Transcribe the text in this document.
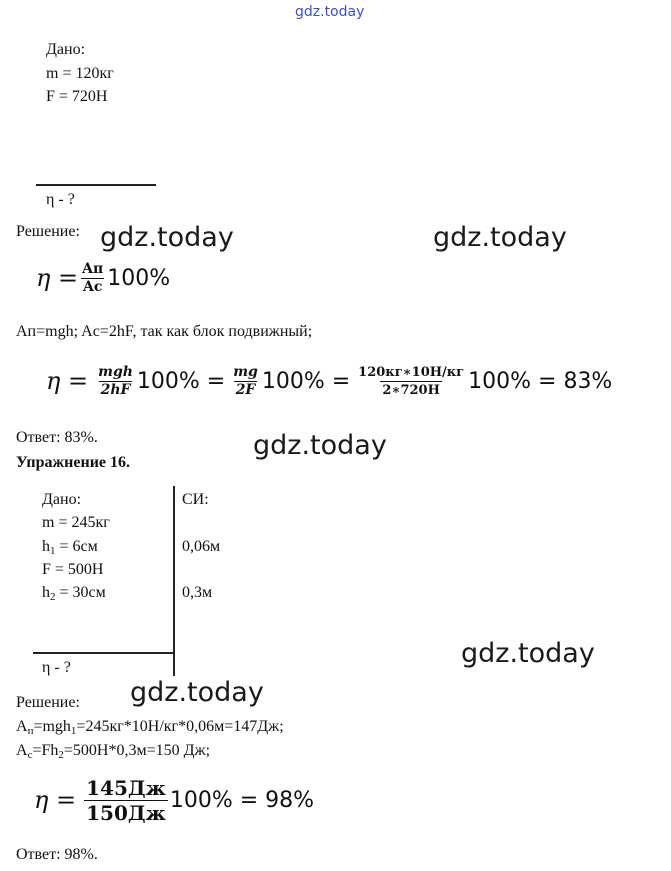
gdz.today
Дано:
m = 120кг
F = 720Н
η - ?
Решение: gdz.today	gdz.today
$\eta = \frac{Aп}{Aс} 100\%$
Aп=mgh; Aс=2hF, так как блок подвижный;
$\eta = \frac{\text{mgh}}{2hF} 100\% = \frac{mg}{2F} 100\% = \frac{120кг∗10Н/кг}{2∗720Н} 100\% = 83\%$
Ответ: 83%.	gdz.today
Упражнение 16.
Дано:	СИ:
m = 245кг
$h_1 = 6см$	0,06м
F = 500Н
$h_2 = 30см$	0,3м
η - ?	gdz.today
Решение: gdz.today
$A_п=mgh_1=245кг*10Н/кг*0,06м=147Дж$;
$A_с=Fh_2=500Н*0,3м=150$ Дж;
$\eta = \frac{145Дж}{150Дж} 100\% = 98\%$
Ответ: 98%.
